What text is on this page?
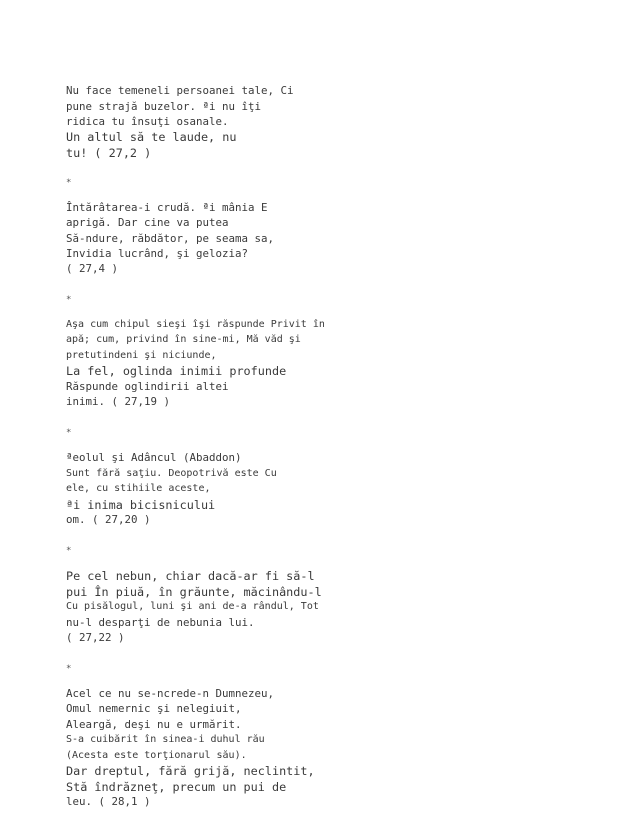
Nu face temeneli persoanei tale, Ci
pune strajă buzelor. ªi nu îţi
ridica tu însuţi osanale.
Un altul să te laude, nu
tu! ( 27,2 )
*
Întărâtarea-i crudă. ªi mânia E
aprigă. Dar cine va putea
Să-ndure, răbdător, pe seama sa,
Invidia lucrând, şi gelozia?
( 27,4 )
*
Aşa cum chipul sieşi îşi răspunde Privit în
apă; cum, privind în sine-mi, Mă văd şi
pretutindeni şi niciunde,
La fel, oglinda inimii profunde
Răspunde oglindirii altei
inimi. ( 27,19 )
*
ªeolul şi Adâncul (Abaddon)
Sunt fără saţiu. Deopotrivă este Cu
ele, cu stihiile aceste,
ªi inima bicisnicului
om. ( 27,20 )
*
Pe cel nebun, chiar dacă-ar fi să-l
pui În piuă, în grăunte, măcinându-l
Cu pisălogul, luni şi ani de-a rândul, Tot
nu-l desparţi de nebunia lui.
( 27,22 )
*
Acel ce nu se-ncrede-n Dumnezeu,
Omul nemernic şi nelegiuit,
Aleargă, deşi nu e urmărit.
S-a cuibărit în sinea-i duhul rău
(Acesta este torţionarul său).
Dar dreptul, fără grijă, neclintit,
Stă îndrăzneţ, precum un pui de
leu. ( 28,1 )
